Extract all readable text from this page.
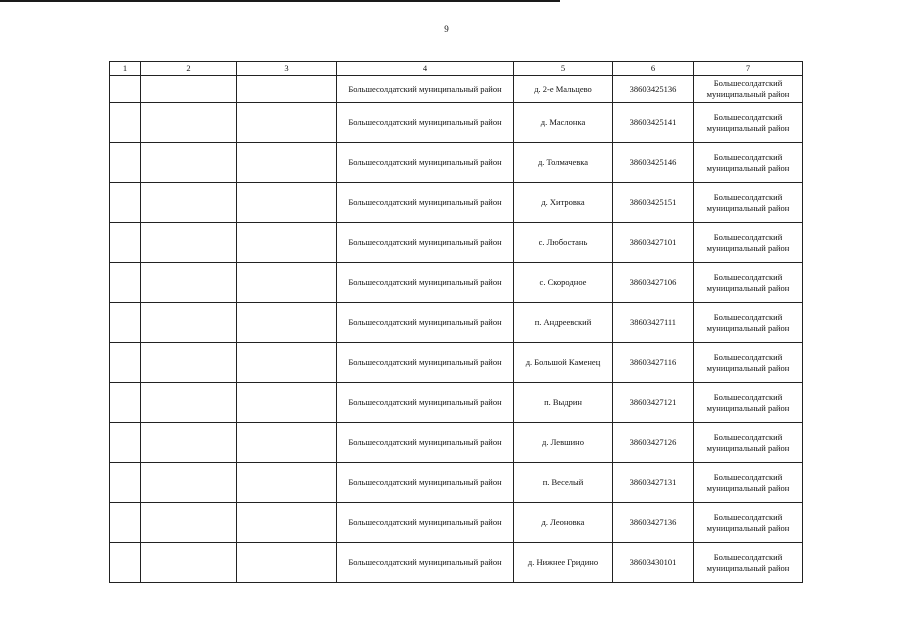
9
1	2	3	4	5	6	7
			Большесолдатский муниципальный район	д. 2-е Мальцево	38603425136	Большесолдатский
муниципальный район

			Большесолдатский муниципальный район	д. Маслонка	38603425141	Большесолдатский
муниципальный район

			Большесолдатский муниципальный район	д. Толмачевка	38603425146	Большесолдатский
муниципальный район

			Большесолдатский муниципальный район	д. Хитровка	38603425151	Большесолдатский
муниципальный район

			Большесолдатский муниципальный район	с. Любостань	38603427101	Большесолдатский
муниципальный район

			Большесолдатский муниципальный район	с. Скородное	38603427106	Большесолдатский
муниципальный район

			Большесолдатский муниципальный район	п. Андреевский	38603427111	Большесолдатский
муниципальный район

			Большесолдатский муниципальный район	д. Большой Каменец	38603427116	Большесолдатский
муниципальный район

			Большесолдатский муниципальный район	п. Выдрин	38603427121	Большесолдатский
муниципальный район

			Большесолдатский муниципальный район	д. Левшино	38603427126	Большесолдатский
муниципальный район

			Большесолдатский муниципальный район	п. Веселый	38603427131	Большесолдатский
муниципальный район

			Большесолдатский муниципальный район	д. Леоновка	38603427136	Большесолдатский
муниципальный район

			Большесолдатский муниципальный район	д. Нижнее Гридино	38603430101	Большесолдатский
муниципальный район
